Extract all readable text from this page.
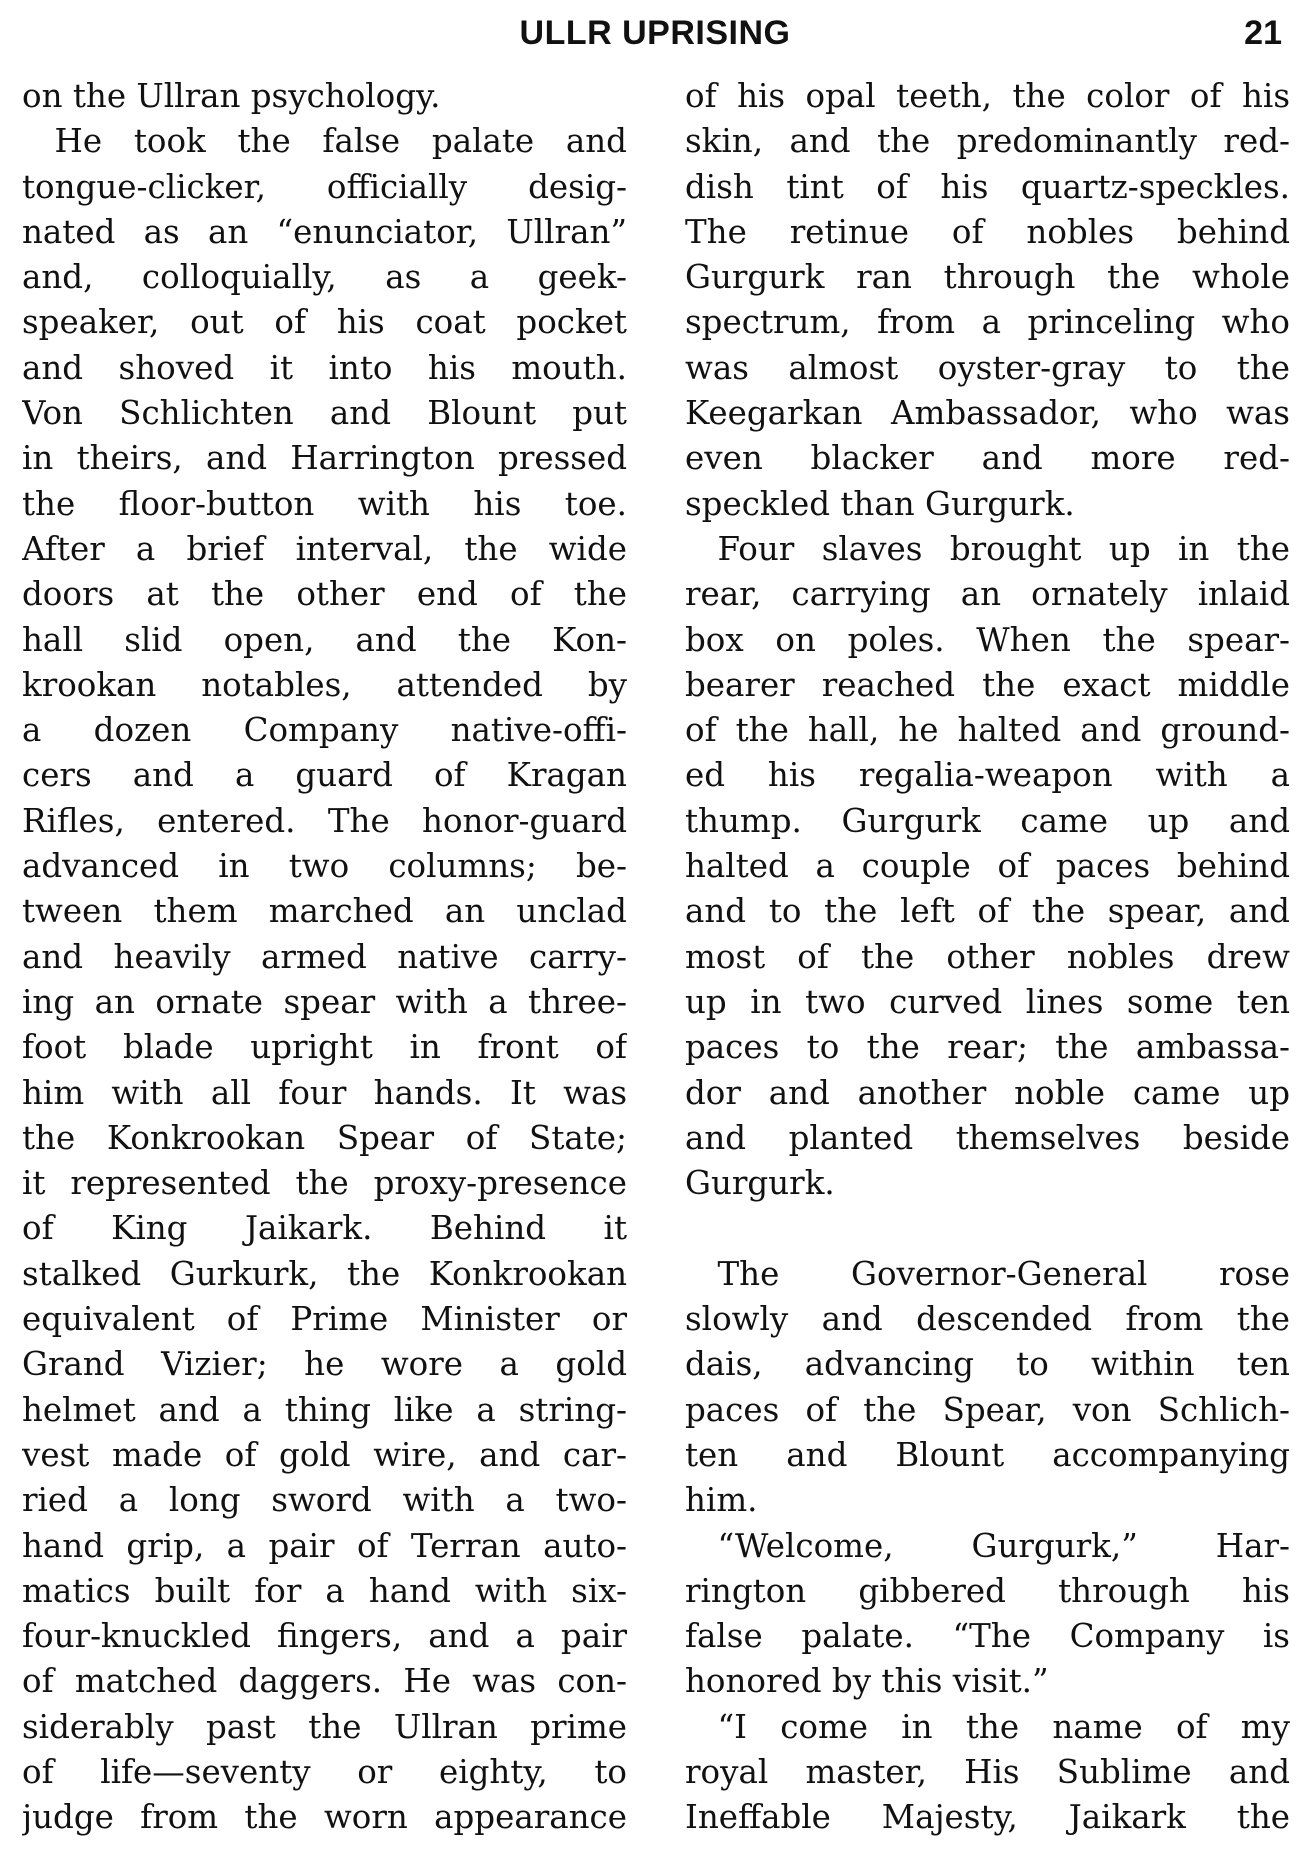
ULLR UPRISING	21
on the Ullran psychology.
 He took the false palate and
tongue-clicker, officially desig-
nated as an “enunciator, Ullran”
and, colloquially, as a geek-
speaker, out of his coat pocket
and shoved it into his mouth.
Von Schlichten and Blount put
in theirs, and Harrington pressed
the floor-button with his toe.
After a brief interval, the wide
doors at the other end of the
hall slid open, and the Kon-
krookan notables, attended by
a dozen Company native-offi-
cers and a guard of Kragan
Rifles, entered. The honor-guard
advanced in two columns; be-
tween them marched an unclad
and heavily armed native carry-
ing an ornate spear with a three-
foot blade upright in front of
him with all four hands. It was
the Konkrookan Spear of State;
it represented the proxy-presence
of King Jaikark. Behind it
stalked Gurkurk, the Konkrookan
equivalent of Prime Minister or
Grand Vizier; he wore a gold
helmet and a thing like a string-
vest made of gold wire, and car-
ried a long sword with a two-
hand grip, a pair of Terran auto-
matics built for a hand with six-
four-knuckled fingers, and a pair
of matched daggers. He was con-
siderably past the Ullran prime
of life—seventy or eighty, to
judge from the worn appearance
of his opal teeth, the color of his
skin, and the predominantly red-
dish tint of his quartz-speckles.
The retinue of nobles behind
Gurgurk ran through the whole
spectrum, from a princeling who
was almost oyster-gray to the
Keegarkan Ambassador, who was
even blacker and more red-
speckled than Gurgurk.
 Four slaves brought up in the
rear, carrying an ornately inlaid
box on poles. When the spear-
bearer reached the exact middle
of the hall, he halted and ground-
ed his regalia-weapon with a
thump. Gurgurk came up and
halted a couple of paces behind
and to the left of the spear, and
most of the other nobles drew
up in two curved lines some ten
paces to the rear; the ambassa-
dor and another noble came up
and planted themselves beside
Gurgurk.
 The Governor-General rose
slowly and descended from the
dais, advancing to within ten
paces of the Spear, von Schlich-
ten and Blount accompanying
him.
 “Welcome, Gurgurk,” Har-
rington gibbered through his
false palate. “The Company is
honored by this visit.”
 “I come in the name of my
royal master, His Sublime and
Ineffable Majesty, Jaikark the
